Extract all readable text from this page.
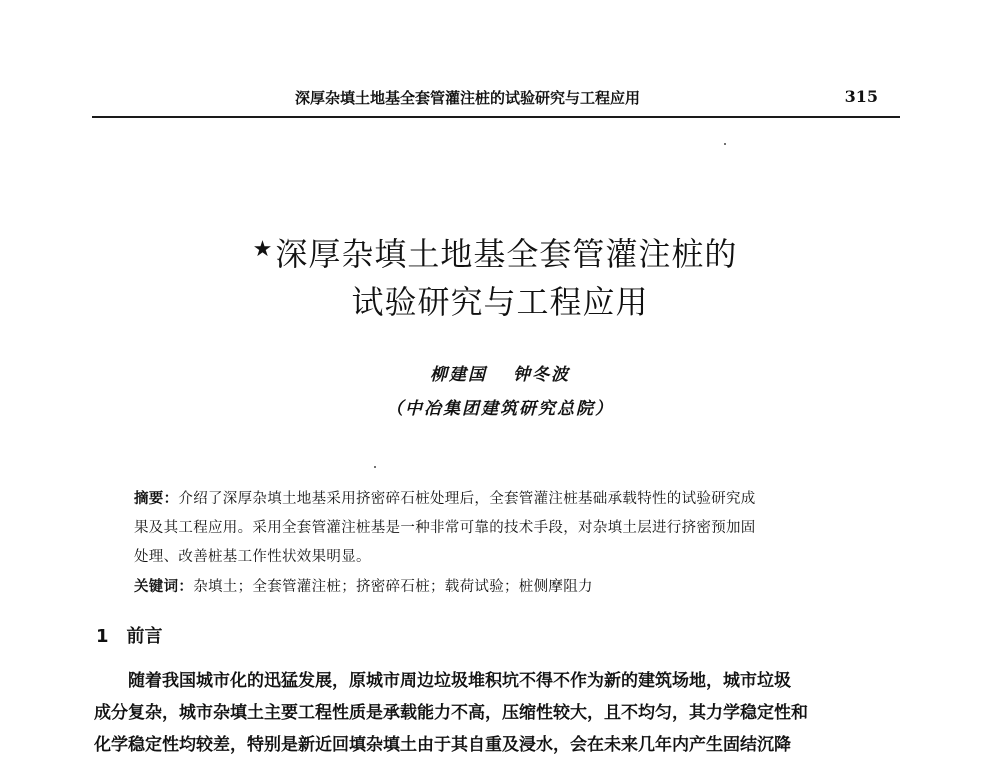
深厚杂填土地基全套管灌注桩的试验研究与工程应用	315
★深厚杂填土地基全套管灌注桩的
试验研究与工程应用
柳建国 钟冬波
（中冶集团建筑研究总院）
摘要：介绍了深厚杂填土地基采用挤密碎石桩处理后，全套管灌注桩基础承载特性的试验研究成
果及其工程应用。采用全套管灌注桩基是一种非常可靠的技术手段，对杂填土层进行挤密预加固
处理、改善桩基工作性状效果明显。
关键词：杂填土；全套管灌注桩；挤密碎石桩；载荷试验；桩侧摩阻力
1 前言
随着我国城市化的迅猛发展，原城市周边垃圾堆积坑不得不作为新的建筑场地，城市垃圾
成分复杂，城市杂填土主要工程性质是承载能力不高，压缩性较大，且不均匀，其力学稳定性和
化学稳定性均较差，特别是新近回填杂填土由于其自重及浸水，会在未来几年内产生固结沉降
